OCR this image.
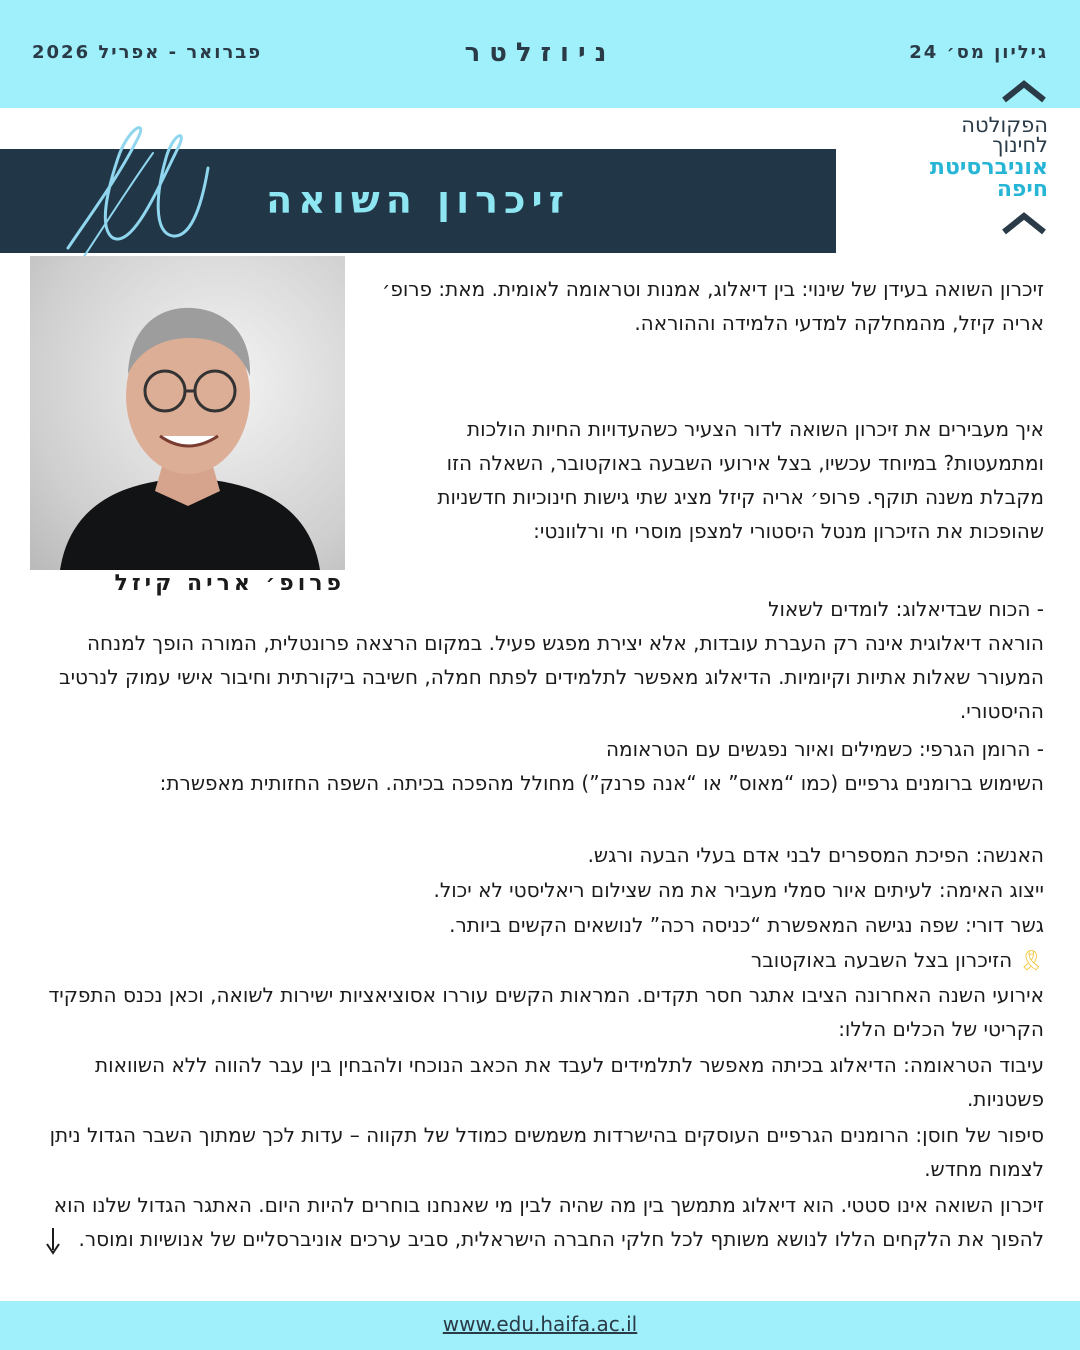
גיליון מס׳ 24
ניוזלטר
פברואר - אפריל 2026
זיכרון השואה
הפקולטה
לחינוך
אוניברסיטת
חיפה
פרופ׳ אריה קיזל

זיכרון השואה בעידן של שינוי: בין דיאלוג, אמנות וטראומה לאומית. מאת: פרופ׳ אריה קיזל, מהמחלקה למדעי הלמידה וההוראה.

איך מעבירים את זיכרון השואה לדור הצעיר כשהעדויות החיות הולכות ומתמעטות? במיוחד עכשיו, בצל אירועי השבעה באוקטובר, השאלה הזו מקבלת משנה תוקף. פרופ׳ אריה קיזל מציג שתי גישות חינוכיות חדשניות שהופכות את הזיכרון מנטל היסטורי למצפן מוסרי חי ורלוונטי:

- הכוח שבדיאלוג: לומדים לשאול

הוראה דיאלוגית אינה רק העברת עובדות, אלא יצירת מפגש פעיל. במקום הרצאה פרונטלית, המורה הופך למנחה המעורר שאלות אתיות וקיומיות. הדיאלוג מאפשר לתלמידים לפתח חמלה, חשיבה ביקורתית וחיבור אישי עמוק לנרטיב ההיסטורי.

- הרומן הגרפי: כשמילים ואיור נפגשים עם הטראומה

השימוש ברומנים גרפיים (כמו “מאוס” או “אנה פרנק”) מחולל מהפכה בכיתה. השפה החזותית מאפשרת:

האנשה: הפיכת המספרים לבני אדם בעלי הבעה ורגש.

ייצוג האימה: לעיתים איור סמלי מעביר את מה שצילום ריאליסטי לא יכול.

גשר דורי: שפה נגישה המאפשרת “כניסה רכה” לנושאים הקשים ביותר.

🎗 הזיכרון בצל השבעה באוקטובר

אירועי השנה האחרונה הציבו אתגר חסר תקדים. המראות הקשים עוררו אסוציאציות ישירות לשואה, וכאן נכנס התפקיד הקריטי של הכלים הללו:

עיבוד הטראומה: הדיאלוג בכיתה מאפשר לתלמידים לעבד את הכאב הנוכחי ולהבחין בין עבר להווה ללא השוואות פשטניות.

סיפור של חוסן: הרומנים הגרפיים העוסקים בהישרדות משמשים כמודל של תקווה – עדות לכך שמתוך השבר הגדול ניתן לצמוח מחדש.

זיכרון השואה אינו סטטי. הוא דיאלוג מתמשך בין מה שהיה לבין מי שאנחנו בוחרים להיות היום. האתגר הגדול שלנו הוא להפוך את הלקחים הללו לנושא משותף לכל חלקי החברה הישראלית, סביב ערכים אוניברסליים של אנושיות ומוסר.

www.edu.haifa.ac.il
